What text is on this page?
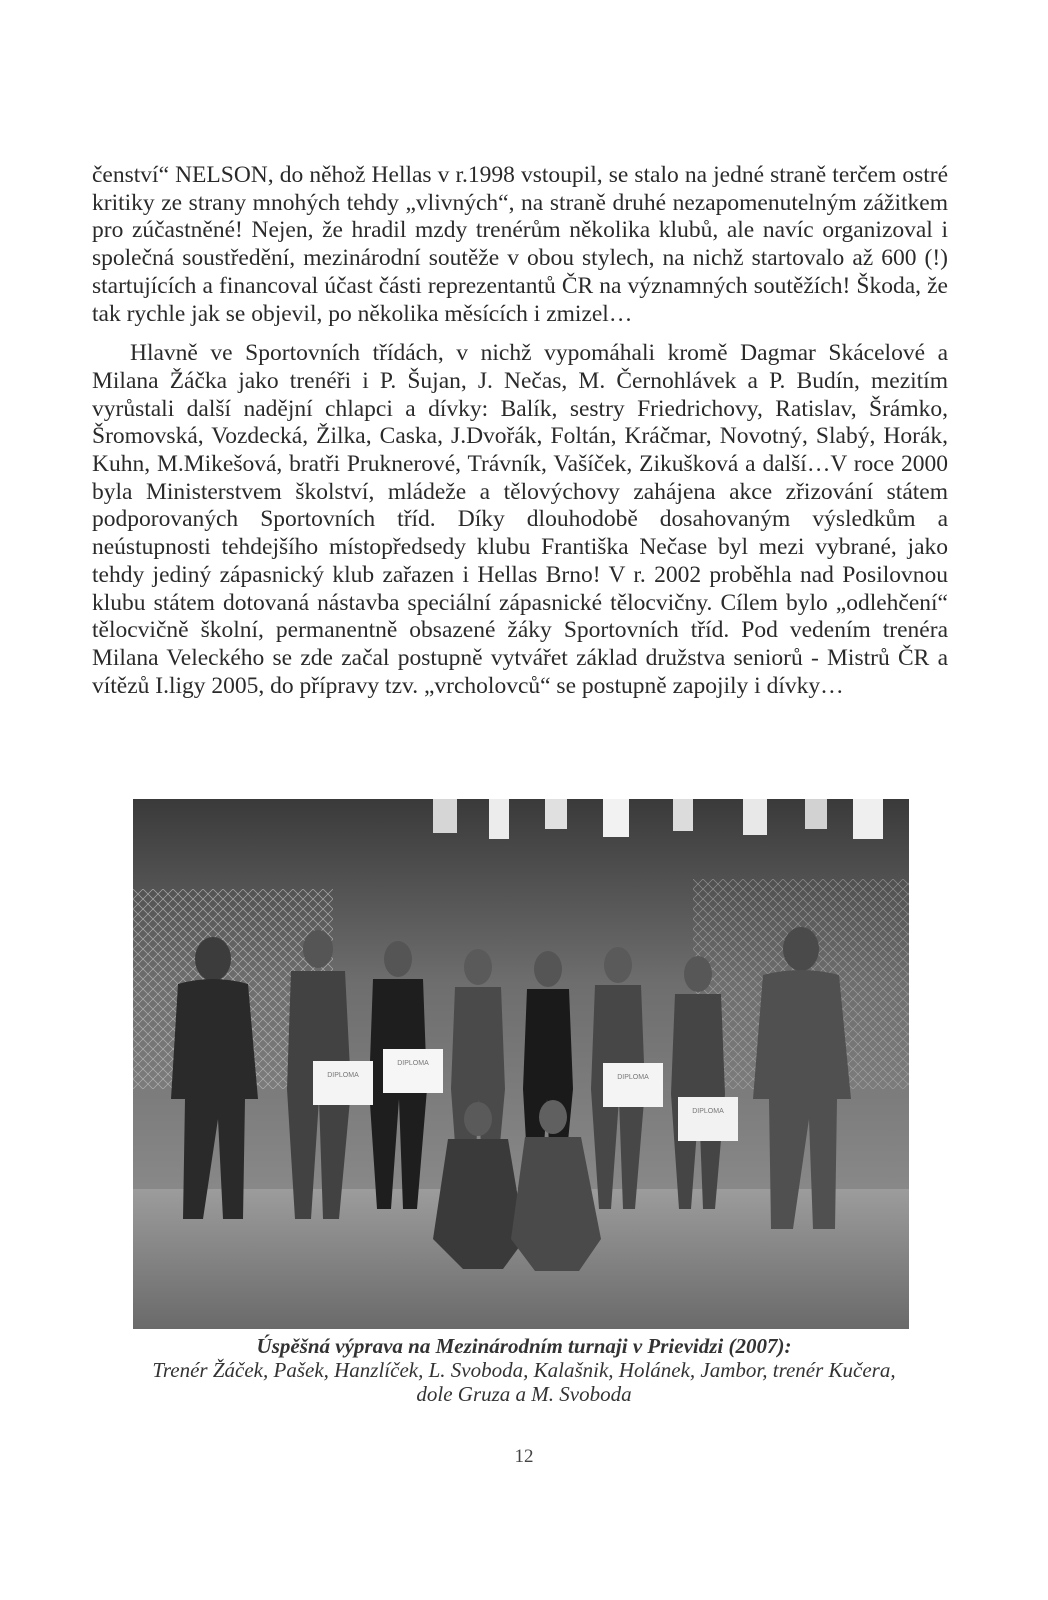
čenství“ NELSON, do něhož Hellas v r.1998 vstoupil, se stalo na jedné straně terčem ostré kritiky ze strany mnohých tehdy „vlivných“, na straně druhé nezapomenutelným zážitkem pro zúčastněné! Nejen, že hradil mzdy trenérům několika klubů, ale navíc organizoval i společná soustředění, mezinárodní soutěže v obou stylech, na nichž startovalo až 600 (!) startujících a financoval účast části reprezentantů ČR na významných soutěžích! Škoda, že tak rychle jak se objevil, po několika měsících i zmizel…

Hlavně ve Sportovních třídách, v nichž vypomáhali kromě Dagmar Skácelové a Milana Žáčka jako trenéři i P. Šujan, J. Nečas, M. Černohlávek a P. Budín, mezitím vyrůstali další nadějní chlapci a dívky: Balík, sestry Friedrichovy, Ratislav, Šrámko, Šromovská, Vozdecká, Žilka, Caska, J.Dvořák, Foltán, Kráčmar, Novotný, Slabý, Horák, Kuhn, M.Mikešová, bratři Pruknerové, Trávník, Vašíček, Zikušková a další…V roce 2000 byla Ministerstvem školství, mládeže a tělovýchovy zahájena akce zřizování státem podporovaných Sportovních tříd. Díky dlouhodobě dosahovaným výsledkům a neústupnosti tehdejšího místopředsedy klubu Františka Nečase byl mezi vybrané, jako tehdy jediný zápasnický klub zařazen i Hellas Brno! V r. 2002 proběhla nad Posilovnou klubu státem dotovaná nástavba speciální zápasnické tělocvičny. Cílem bylo „odlehčení“ tělocvičně školní, permanentně obsazené žáky Sportovních tříd. Pod vedením trenéra Milana Veleckého se zde začal postupně vytvářet základ družstva seniorů - Mistrů ČR a vítězů I.ligy 2005, do přípravy tzv. „vrcholovců“ se postupně zapojily i dívky…

DIPLOMA
DIPLOMA
DIPLOMA
DIPLOMA
Úspěšná výprava na Mezinárodním turnaji v Prievidzi (2007):
Trenér Žáček, Pašek, Hanzlíček, L. Svoboda, Kalašnik, Holánek, Jambor, trenér Kučera,
dole Gruza a M. Svoboda
12
